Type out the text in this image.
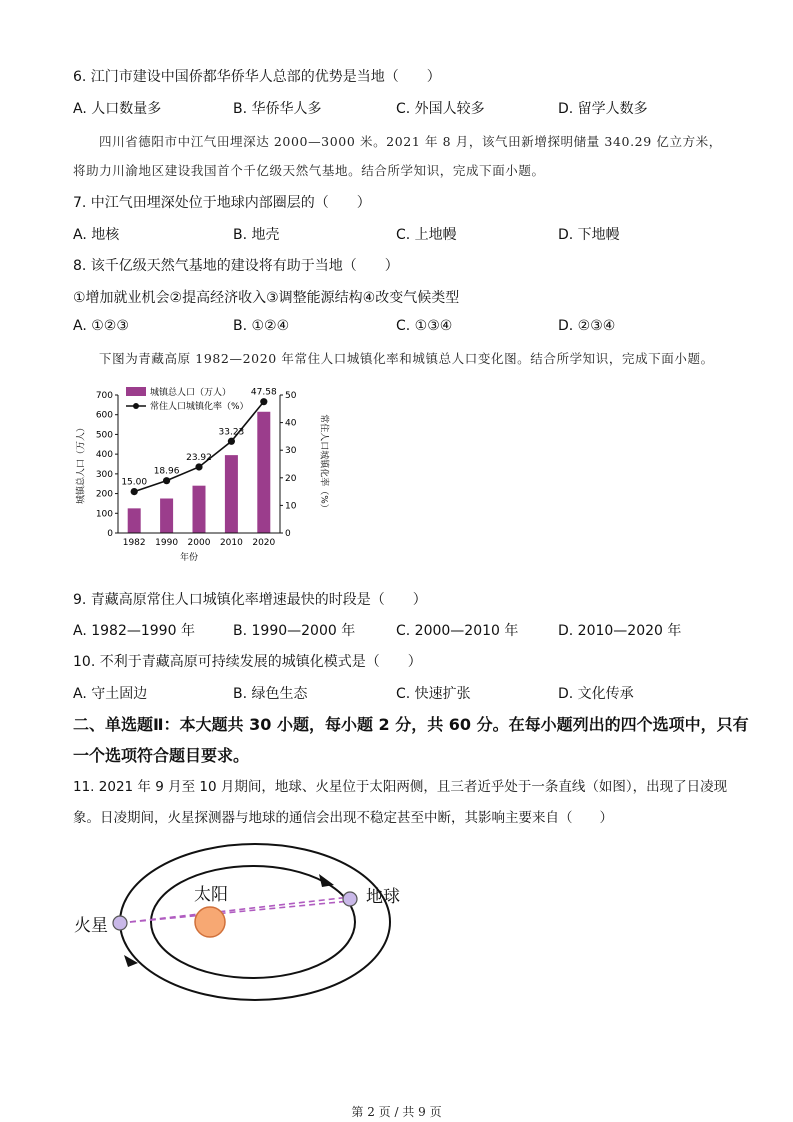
6. 江门市建设中国侨都华侨华人总部的优势是当地（　　）
A. 人口数量多	B. 华侨华人多	C. 外国人较多	D. 留学人数多
四川省德阳市中江气田埋深达 2000—3000 米。2021 年 8 月，该气田新增探明储量 340.29 亿立方米，
将助力川渝地区建设我国首个千亿级天然气基地。结合所学知识，完成下面小题。
7. 中江气田埋深处位于地球内部圈层的（　　）
A. 地核	B. 地壳	C. 上地幔	D. 下地幔
8. 该千亿级天然气基地的建设将有助于当地（　　）
①增加就业机会②提高经济收入③调整能源结构④改变气候类型
A. ①②③	B. ①②④	C. ①③④	D. ②③④
下图为青藏高原 1982—2020 年常住人口城镇化率和城镇总人口变化图。结合所学知识，完成下面小题。
0
100
200
300
400
500
600
700
0
10
20
30
40
50
15.00
18.96
23.92
33.23
47.58
1982 1990 2000 2010 2020
城镇总人口（万人）
常住人口城镇化率（%）
年份
城镇总人口（万人）	常住人口城镇化率（%）
9. 青藏高原常住人口城镇化率增速最快的时段是（　　）
A. 1982—1990 年	B. 1990—2000 年	C. 2000—2010 年	D. 2010—2020 年
10. 不利于青藏高原可持续发展的城镇化模式是（　　）
A. 守土固边	B. 绿色生态	C. 快速扩张	D. 文化传承
二、单选题Ⅱ：本大题共 30 小题，每小题 2 分，共 60 分。在每小题列出的四个选项中，只有
一个选项符合题目要求。
11. 2021 年 9 月至 10 月期间，地球、火星位于太阳两侧，且三者近乎处于一条直线（如图），出现了日凌现
象。日凌期间，火星探测器与地球的通信会出现不稳定甚至中断，其影响主要来自（　　）
太阳	地球
火星
第 2 页 / 共 9 页
